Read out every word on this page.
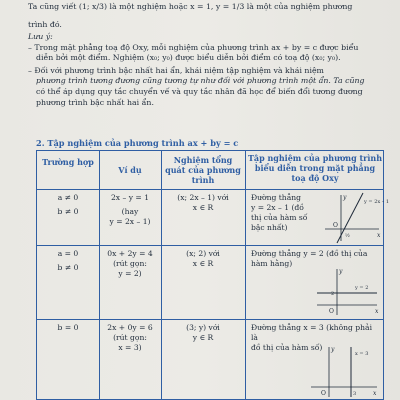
Ta cũng viết (1; x/3) là một nghiệm hoặc x = 1, y = 1/3 là một của nghiệm phương
trình đó.
Lưu ý:
– Trong mặt phẳng toạ độ Oxy, mỗi nghiệm của phương trình ax + by = c được biểu
diễn bởi một điểm. Nghiệm (x₀; y₀) được biểu diễn bởi điểm có toạ độ (x₀; y₀).
– Đối với phương trình bậc nhất hai ẩn, khái niệm tập nghiệm và khái niệm
phương trình tương đương cũng tương tự như đối với phương trình một ẩn. Ta cũng
có thể áp dụng quy tắc chuyển vế và quy tắc nhân đã học để biến đổi tương đương
phương trình bậc nhất hai ẩn.
2. Tập nghiệm của phương trình ax + by = c
Trường hợp
Ví dụ
Nghiệm tổng quát của phương trình
Tập nghiệm của phương trình biểu diễn trong mặt phẳng toạ độ Oxy
a ≠ 0
b ≠ 0
2x – y = 1
(hay
y = 2x – 1)
(x; 2x – 1) với
x ∈ R
Đường thẳng
y = 2x – 1 (đồ
thị của hàm số
bậc nhất)
y
x
O
y = 2x – 1
½
a = 0
b ≠ 0
0x + 2y = 4
(rút gọn:
y = 2)
(x; 2) với
x ∈ R
Đường thẳng y = 2 (đồ thị của
hàm hằng)
y
x
O
y = 2
2
b = 0	2x + 0y = 6
(rút gọn:
x = 3)
(3; y) với
y ∈ R
Đường thẳng x = 3 (không phải là
đồ thị của hàm số)	y
x
O
x = 3
3
